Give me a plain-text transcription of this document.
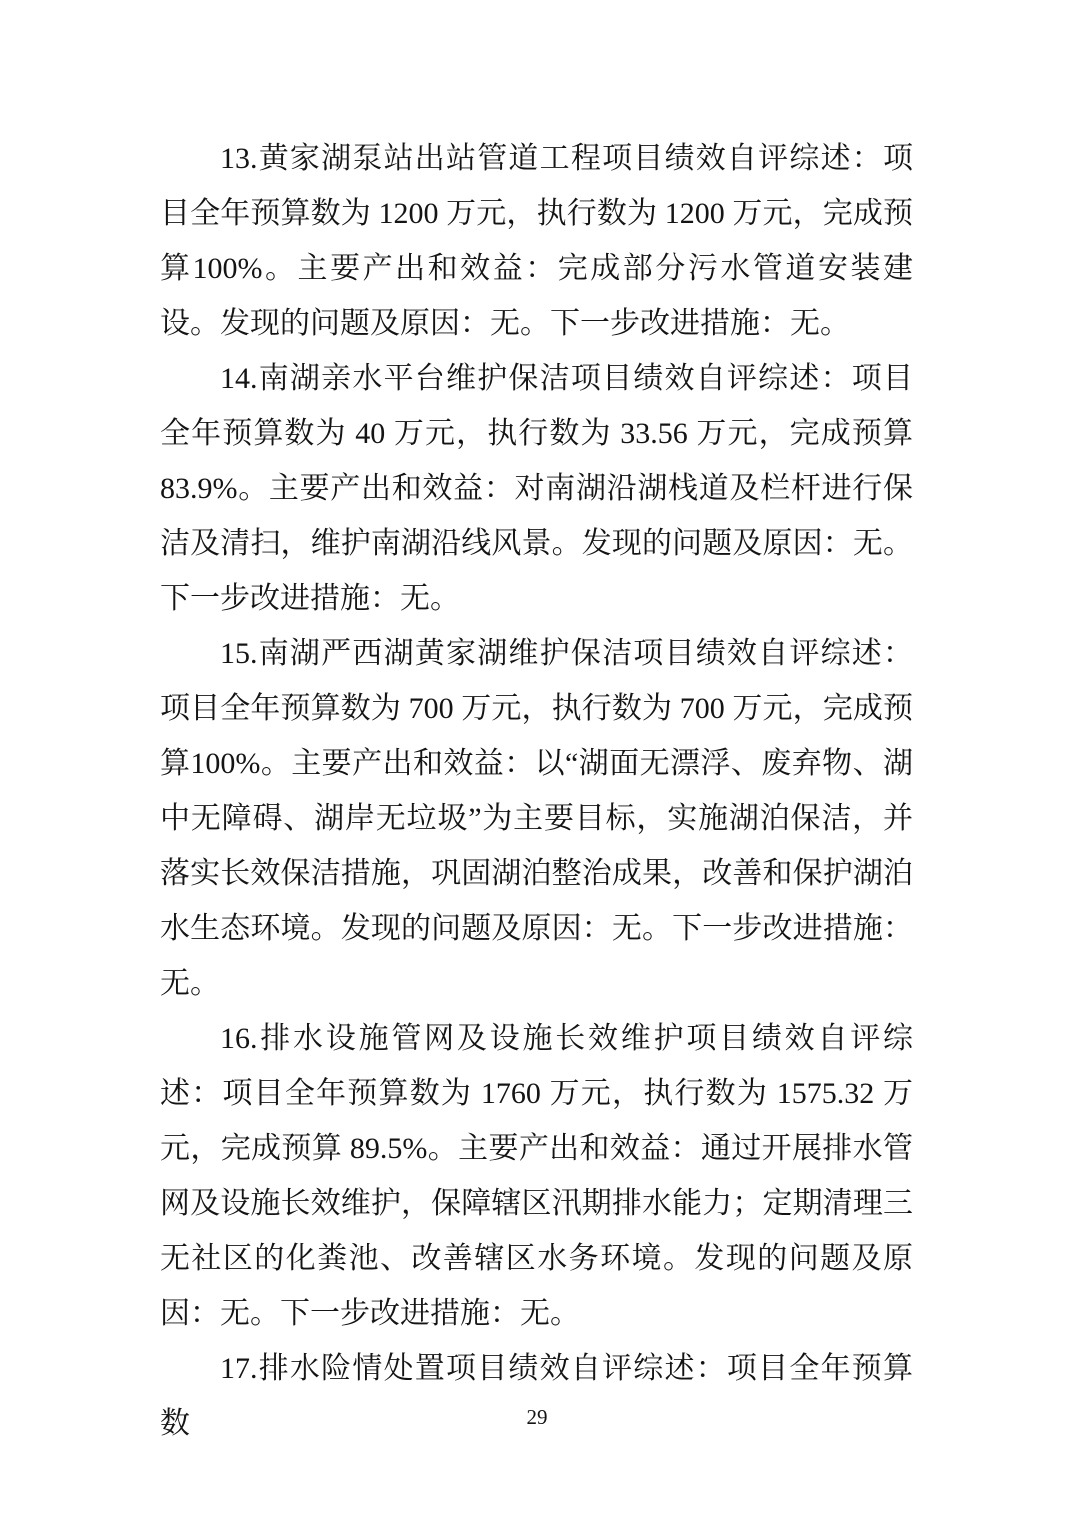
13.黄家湖泵站出站管道工程项目绩效自评综述：项目全年预算数为 1200 万元，执行数为 1200 万元，完成预算100%。主要产出和效益：完成部分污水管道安装建设。发现的问题及原因：无。下一步改进措施：无。

14.南湖亲水平台维护保洁项目绩效自评综述：项目全年预算数为 40 万元，执行数为 33.56 万元，完成预算 83.9%。主要产出和效益：对南湖沿湖栈道及栏杆进行保洁及清扫，维护南湖沿线风景。发现的问题及原因：无。下一步改进措施：无。

15.南湖严西湖黄家湖维护保洁项目绩效自评综述：项目全年预算数为 700 万元，执行数为 700 万元，完成预算100%。主要产出和效益：以“湖面无漂浮、废弃物、湖中无障碍、湖岸无垃圾”为主要目标，实施湖泊保洁，并落实长效保洁措施，巩固湖泊整治成果，改善和保护湖泊水生态环境。发现的问题及原因：无。下一步改进措施：无。

16.排水设施管网及设施长效维护项目绩效自评综述：项目全年预算数为 1760 万元，执行数为 1575.32 万元，完成预算 89.5%。主要产出和效益：通过开展排水管网及设施长效维护，保障辖区汛期排水能力；定期清理三无社区的化粪池、改善辖区水务环境。发现的问题及原因：无。下一步改进措施：无。

17.排水险情处置项目绩效自评综述：项目全年预算数	29
